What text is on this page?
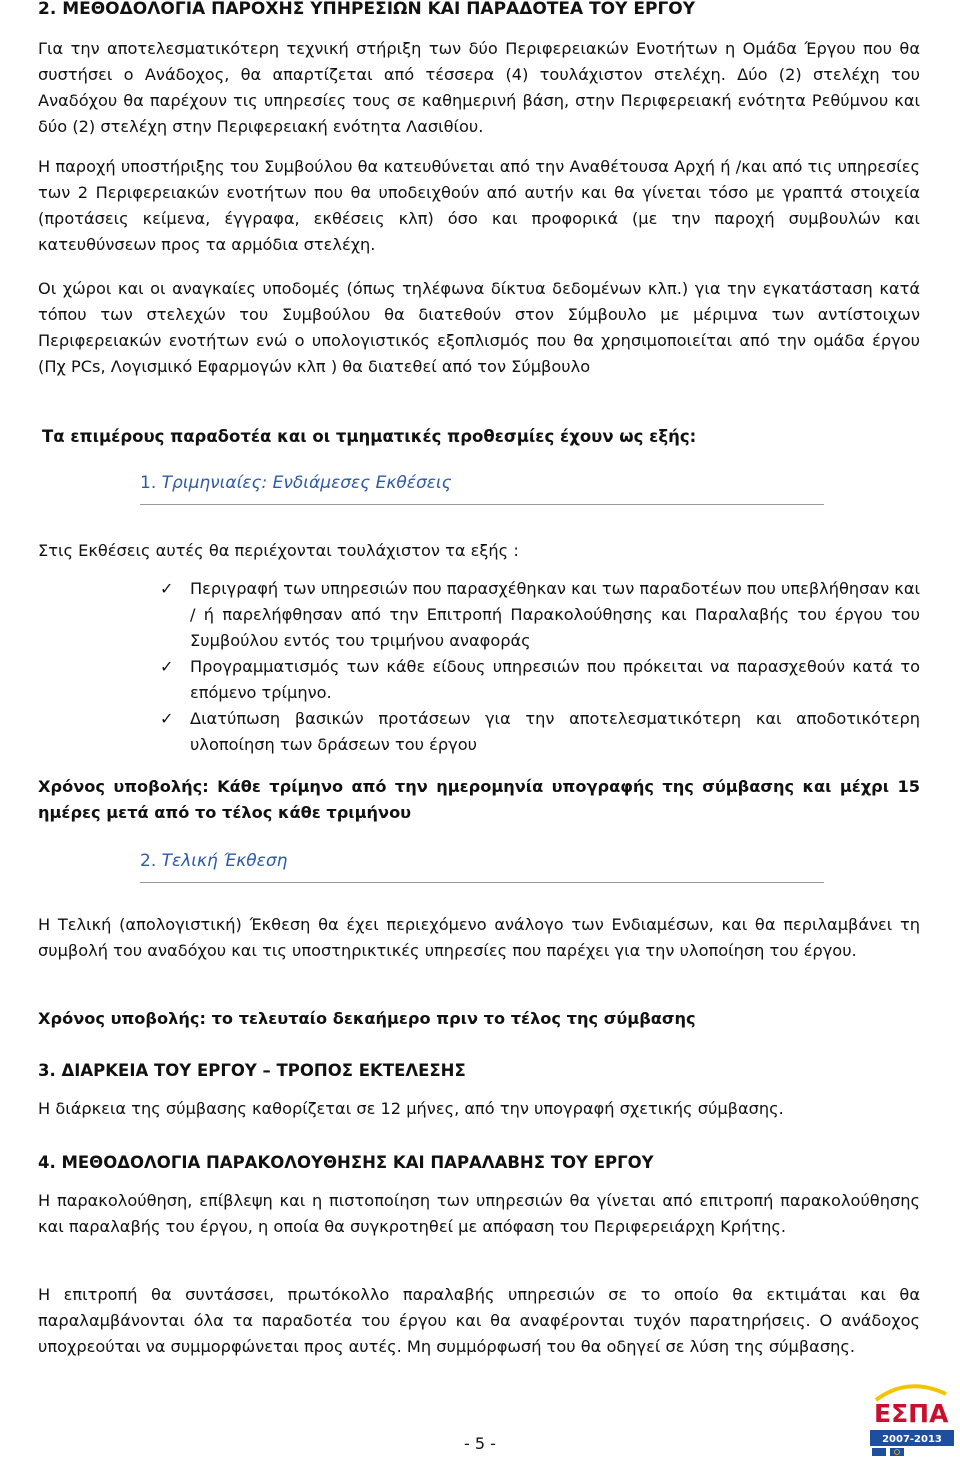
2. ΜΕΘΟΔΟΛΟΓΙΑ ΠΑΡΟΧΗΣ ΥΠΗΡΕΣΙΩΝ ΚΑΙ ΠΑΡΑΔΟΤΕΑ ΤΟΥ ΕΡΓΟΥ

Για την αποτελεσματικότερη τεχνική στήριξη των δύο Περιφερειακών Ενοτήτων η Ομάδα Έργου που θα συστήσει ο Ανάδοχος, θα απαρτίζεται από τέσσερα (4) τουλάχιστον στελέχη. Δύο (2) στελέχη του Αναδόχου θα παρέχουν τις υπηρεσίες τους σε καθημερινή βάση, στην Περιφερειακή ενότητα Ρεθύμνου και δύο (2) στελέχη στην Περιφερειακή ενότητα Λασιθίου.

Η παροχή υποστήριξης του Συμβούλου θα κατευθύνεται από την Αναθέτουσα Αρχή ή /και από τις υπηρεσίες των 2 Περιφερειακών ενοτήτων που θα υποδειχθούν από αυτήν και θα γίνεται τόσο με γραπτά στοιχεία (προτάσεις κείμενα, έγγραφα, εκθέσεις κλπ) όσο και προφορικά (με την παροχή συμβουλών και κατευθύνσεων προς τα αρμόδια στελέχη.

Οι χώροι και οι αναγκαίες υποδομές (όπως τηλέφωνα δίκτυα δεδομένων κλπ.) για την εγκατάσταση κατά τόπου των στελεχών του Συμβούλου θα διατεθούν στον Σύμβουλο με μέριμνα των αντίστοιχων Περιφερειακών ενοτήτων ενώ ο υπολογιστικός εξοπλισμός που θα χρησιμοποιείται από την ομάδα έργου (Πχ PCs, Λογισμικό Εφαρμογών κλπ ) θα διατεθεί από τον Σύμβουλο

Τα επιμέρους παραδοτέα και οι τμηματικές προθεσμίες έχουν ως εξής:

1. Τριμηνιαίες: Ενδιάμεσες Εκθέσεις

Στις Εκθέσεις αυτές θα περιέχονται τουλάχιστον τα εξής :

✓ Περιγραφή των υπηρεσιών που παρασχέθηκαν και των παραδοτέων που υπεβλήθησαν και / ή παρελήφθησαν από την Επιτροπή Παρακολούθησης και Παραλαβής του έργου του Συμβούλου εντός του τριμήνου αναφοράς
✓ Προγραμματισμός των κάθε είδους υπηρεσιών που πρόκειται να παρασχεθούν κατά το επόμενο τρίμηνο.
✓ Διατύπωση βασικών προτάσεων για την αποτελεσματικότερη και αποδοτικότερη υλοποίηση των δράσεων του έργου

Χρόνος υποβολής: Κάθε τρίμηνο από την ημερομηνία υπογραφής της σύμβασης και μέχρι 15 ημέρες μετά από το τέλος κάθε τριμήνου

2. Τελική Έκθεση

Η Τελική (απολογιστική) Έκθεση θα έχει περιεχόμενο ανάλογο των Ενδιαμέσων, και θα περιλαμβάνει τη συμβολή του αναδόχου και τις υποστηρικτικές υπηρεσίες που παρέχει για την υλοποίηση του έργου.

Χρόνος υποβολής: το τελευταίο δεκαήμερο πριν το τέλος της σύμβασης

3. ΔΙΑΡΚΕΙΑ ΤΟΥ ΕΡΓΟΥ – ΤΡΟΠΟΣ ΕΚΤΕΛΕΣΗΣ

Η διάρκεια της σύμβασης καθορίζεται σε 12 μήνες, από την υπογραφή σχετικής σύμβασης.

4. ΜΕΘΟΔΟΛΟΓΙΑ ΠΑΡΑΚΟΛΟΥΘΗΣΗΣ ΚΑΙ ΠΑΡΑΛΑΒΗΣ ΤΟΥ ΕΡΓΟΥ

Η παρακολούθηση, επίβλεψη και η πιστοποίηση των υπηρεσιών θα γίνεται από επιτροπή παρακολούθησης και παραλαβής του έργου, η οποία θα συγκροτηθεί με απόφαση του Περιφερειάρχη Κρήτης.

Η επιτροπή θα συντάσσει, πρωτόκολλο παραλαβής υπηρεσιών σε το οποίο θα εκτιμάται και θα παραλαμβάνονται όλα τα παραδοτέα του έργου και θα αναφέρονται τυχόν παρατηρήσεις. Ο ανάδοχος υποχρεούται να συμμορφώνεται προς αυτές. Μη συμμόρφωσή του θα οδηγεί σε λύση της σύμβασης.

- 5 -
ΕΣΠΑ
2007-2013
